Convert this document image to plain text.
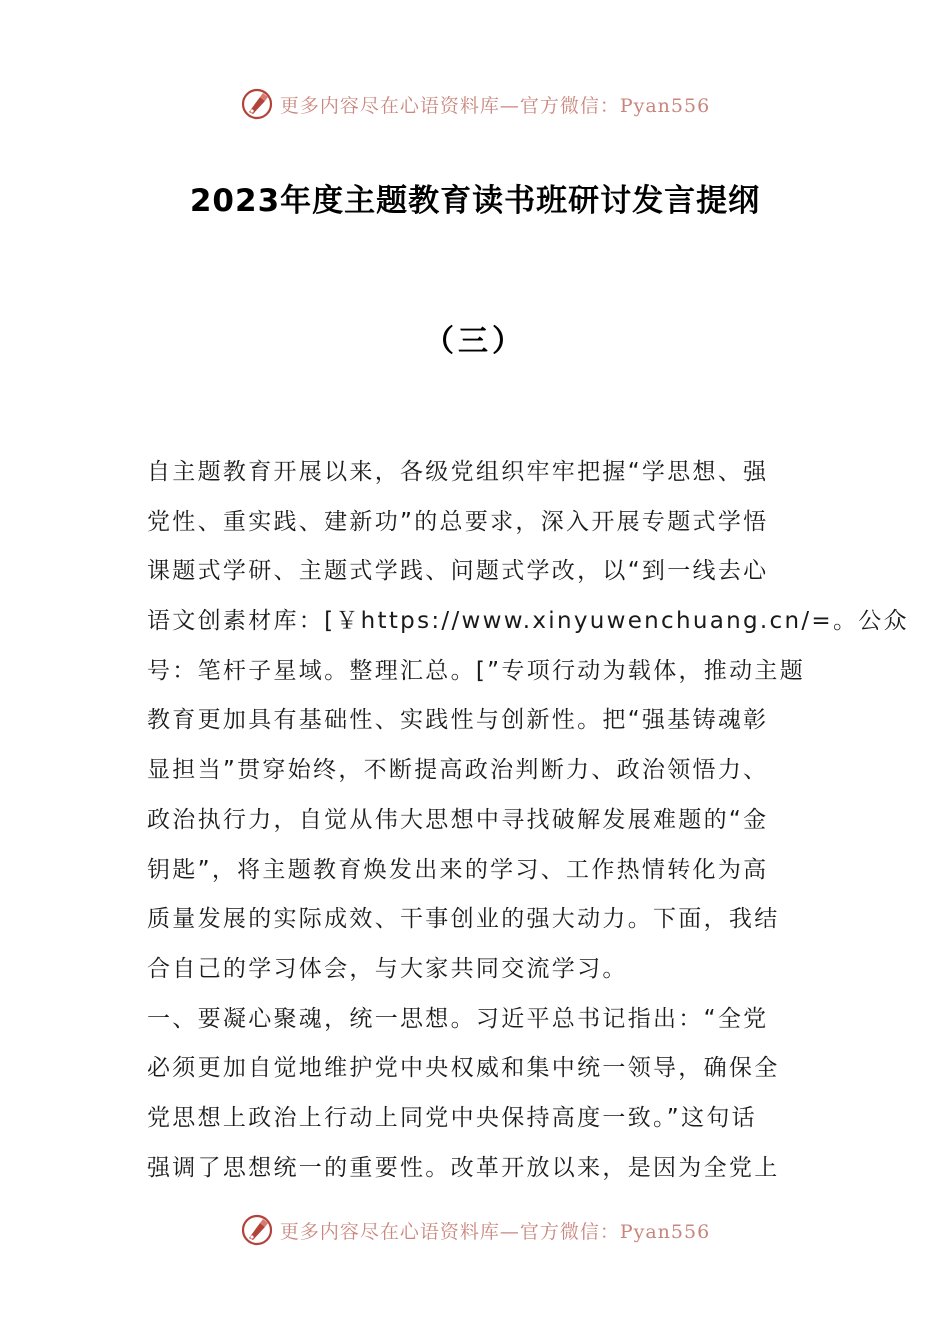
更多内容尽在心语资料库—官方微信：Pyan556
2023年度主题教育读书班研讨发言提纲
（三）
自主题教育开展以来，各级党组织牢牢把握“学思想、强
党性、重实践、建新功”的总要求，深入开展专题式学悟
课题式学研、主题式学践、问题式学改，以“到一线去心
语文创素材库：[￥https://www.xinyuwenchuang.cn/=。公众
号：笔杆子星域。整理汇总。[”专项行动为载体，推动主题
教育更加具有基础性、实践性与创新性。把“强基铸魂彰
显担当”贯穿始终，不断提高政治判断力、政治领悟力、
政治执行力，自觉从伟大思想中寻找破解发展难题的“金
钥匙”，将主题教育焕发出来的学习、工作热情转化为高
质量发展的实际成效、干事创业的强大动力。下面，我结
合自己的学习体会，与大家共同交流学习。
一、要凝心聚魂，统一思想。习近平总书记指出：“全党
必须更加自觉地维护党中央权威和集中统一领导，确保全
党思想上政治上行动上同党中央保持高度一致。”这句话
强调了思想统一的重要性。改革开放以来，是因为全党上
更多内容尽在心语资料库—官方微信：Pyan556
